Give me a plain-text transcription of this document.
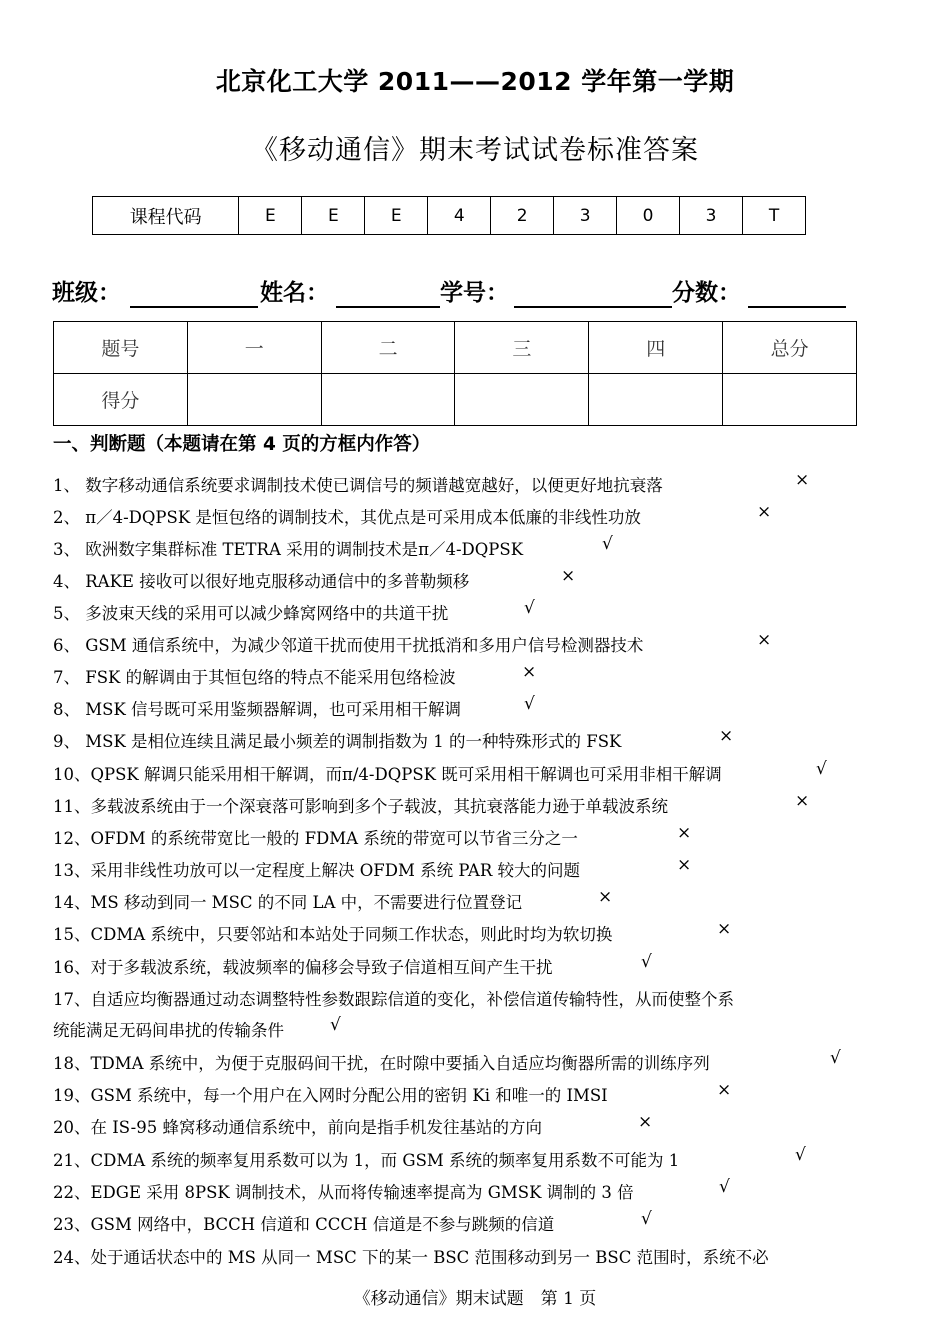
北京化工大学 2011——2012 学年第一学期
《移动通信》期末考试试卷标准答案
课程代码	E	E	E	4	2	3	0	3	T
班级：	姓名：	学号：	分数：
题号	一	二	三	四	总分
得分					
一、判断题（本题请在第 4 页的方框内作答）
1、 数字移动通信系统要求调制技术使已调信号的频谱越宽越好，以便更好地抗衰落	×
2、 π／4-DQPSK 是恒包络的调制技术，其优点是可采用成本低廉的非线性功放	×
3、 欧洲数字集群标准 TETRA 采用的调制技术是π／4-DQPSK	√
4、 RAKE 接收可以很好地克服移动通信中的多普勒频移	×
5、 多波束天线的采用可以减少蜂窝网络中的共道干扰	√
6、 GSM 通信系统中，为减少邻道干扰而使用干扰抵消和多用户信号检测器技术	×
7、 FSK 的解调由于其恒包络的特点不能采用包络检波	×
8、 MSK 信号既可采用鉴频器解调，也可采用相干解调	√
9、 MSK 是相位连续且满足最小频差的调制指数为 1 的一种特殊形式的 FSK	×
10、QPSK 解调只能采用相干解调，而π/4-DQPSK 既可采用相干解调也可采用非相干解调	√
11、多载波系统由于一个深衰落可影响到多个子载波，其抗衰落能力逊于单载波系统	×
12、OFDM 的系统带宽比一般的 FDMA 系统的带宽可以节省三分之一	×
13、采用非线性功放可以一定程度上解决 OFDM 系统 PAR 较大的问题	×
14、MS 移动到同一 MSC 的不同 LA 中，不需要进行位置登记	×
15、CDMA 系统中，只要邻站和本站处于同频工作状态，则此时均为软切换	×
16、对于多载波系统，载波频率的偏移会导致子信道相互间产生干扰	√
17、自适应均衡器通过动态调整特性参数跟踪信道的变化，补偿信道传输特性，从而使整个系
统能满足无码间串扰的传输条件	√
18、TDMA 系统中，为便于克服码间干扰，在时隙中要插入自适应均衡器所需的训练序列	√
19、GSM 系统中，每一个用户在入网时分配公用的密钥 Ki 和唯一的 IMSI	×
20、在 IS-95 蜂窝移动通信系统中，前向是指手机发往基站的方向	×
21、CDMA 系统的频率复用系数可以为 1，而 GSM 系统的频率复用系数不可能为 1	√
22、EDGE 采用 8PSK 调制技术，从而将传输速率提高为 GMSK 调制的 3 倍	√
23、GSM 网络中，BCCH 信道和 CCCH 信道是不参与跳频的信道	√
24、处于通话状态中的 MS 从同一 MSC 下的某一 BSC 范围移动到另一 BSC 范围时，系统不必
《移动通信》期末试题　第 1 页
